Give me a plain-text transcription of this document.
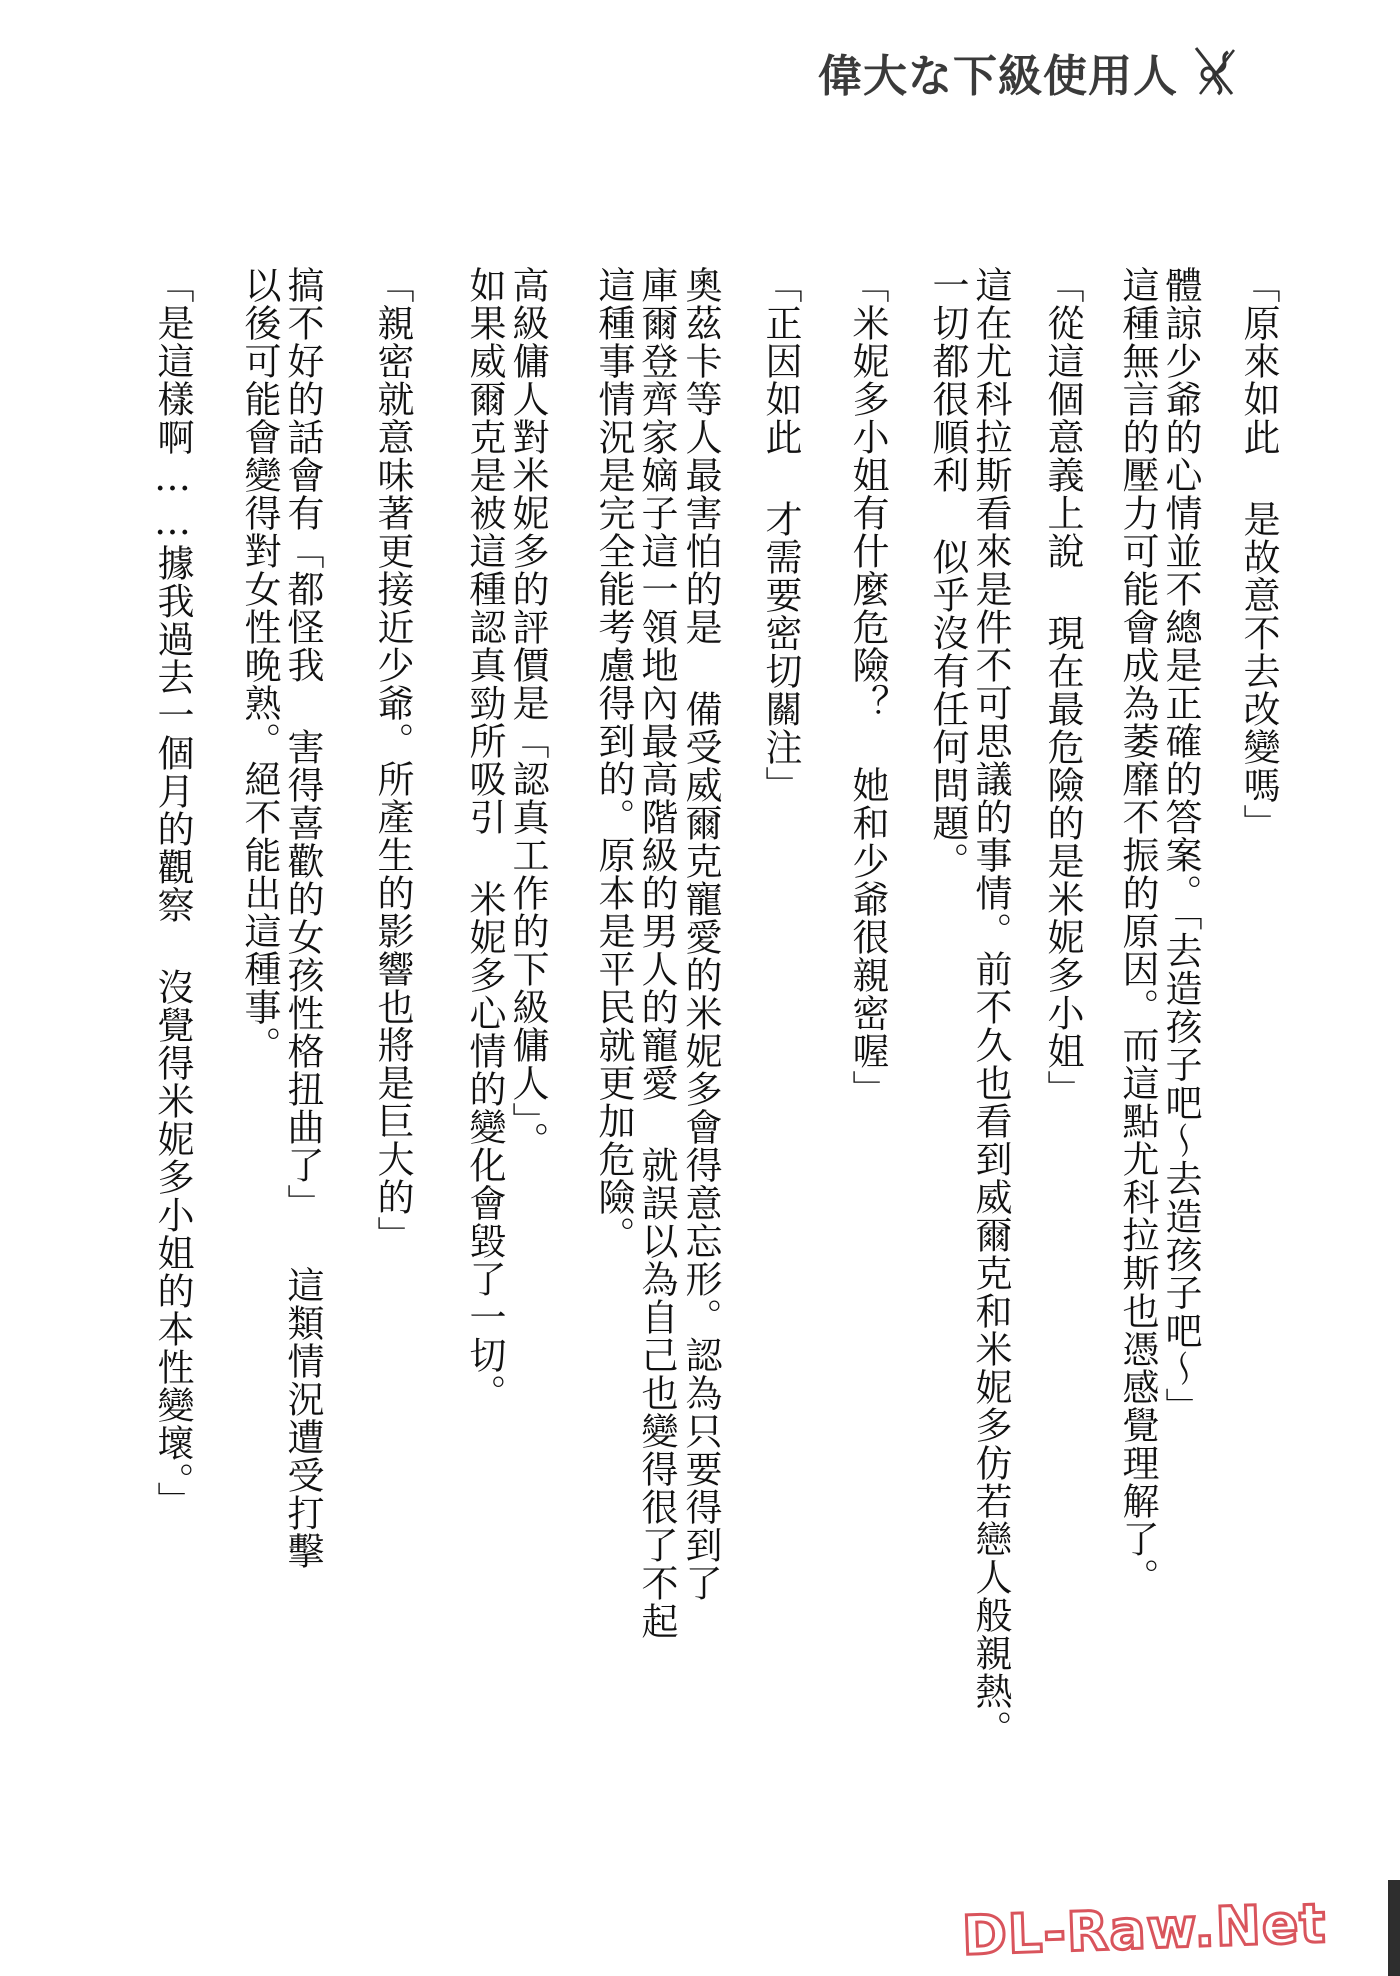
偉大な下級使用人
「原來如此 是故意不去改變嗎」
體諒少爺的心情並不總是正確的答案。「去造孩子吧～去造孩子吧～」
這種無言的壓力可能會成為萎靡不振的原因。而這點尤科拉斯也憑感覺理解了。
「從這個意義上說 現在最危險的是米妮多小姐」
這在尤科拉斯看來是件不可思議的事情。前不久也看到威爾克和米妮多仿若戀人般親熱。
一切都很順利 似乎沒有任何問題。
「米妮多小姐有什麼危險？ 她和少爺很親密喔」
「正因如此 才需要密切關注」
奧茲卡等人最害怕的是 備受威爾克寵愛的米妮多會得意忘形。認為只要得到了
庫爾登齊家嫡子這一領地內最高階級的男人的寵愛 就誤以為自己也變得很了不起
這種事情況是完全能考慮得到的。原本是平民就更加危險。
高級傭人對米妮多的評價是「認真工作的下級傭人」。
如果威爾克是被這種認真勁所吸引 米妮多心情的變化會毀了一切。
「親密就意味著更接近少爺。所產生的影響也將是巨大的」
搞不好的話會有「都怪我 害得喜歡的女孩性格扭曲了」 這類情況遭受打擊
以後可能會變得對女性晚熟。絕不能出這種事。
「是這樣啊……據我過去一個月的觀察 沒覺得米妮多小姐的本性變壞。」
DL-Raw.Net
